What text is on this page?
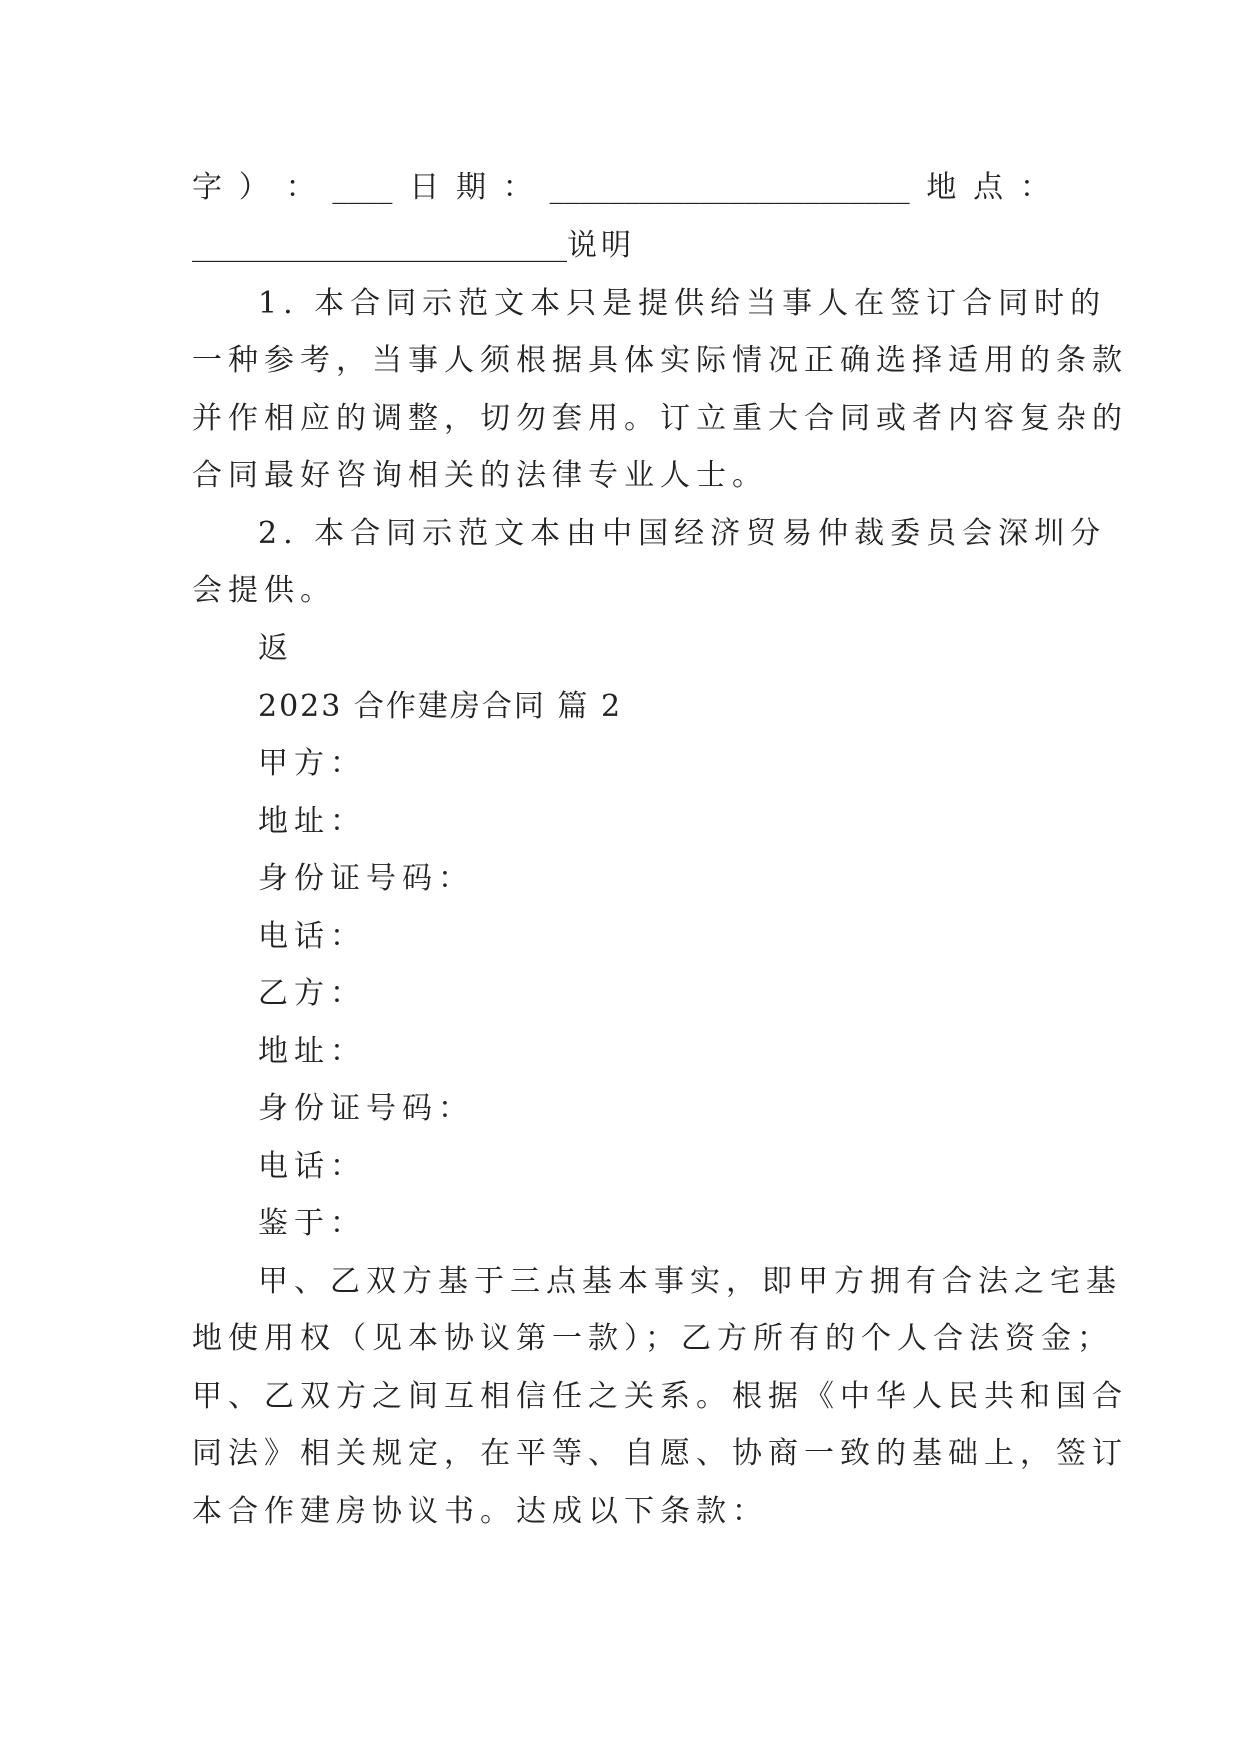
字 ） ： ____ 日 期 ： ________________________ 地 点 ：
_________________________说明
1. 本合同示范文本只是提供给当事人在签订合同时的
一种参考，当事人须根据具体实际情况正确选择适用的条款
并作相应的调整，切勿套用。订立重大合同或者内容复杂的
合同最好咨询相关的法律专业人士。
2. 本合同示范文本由中国经济贸易仲裁委员会深圳分
会提供。
返
2023 合作建房合同 篇 2
甲方：
地址：
身份证号码：
电话：
乙方：
地址：
身份证号码：
电话：
鉴于：
甲、乙双方基于三点基本事实，即甲方拥有合法之宅基
地使用权（见本协议第一款）；乙方所有的个人合法资金；
甲、乙双方之间互相信任之关系。根据《中华人民共和国合
同法》相关规定，在平等、自愿、协商一致的基础上，签订
本合作建房协议书。达成以下条款：
